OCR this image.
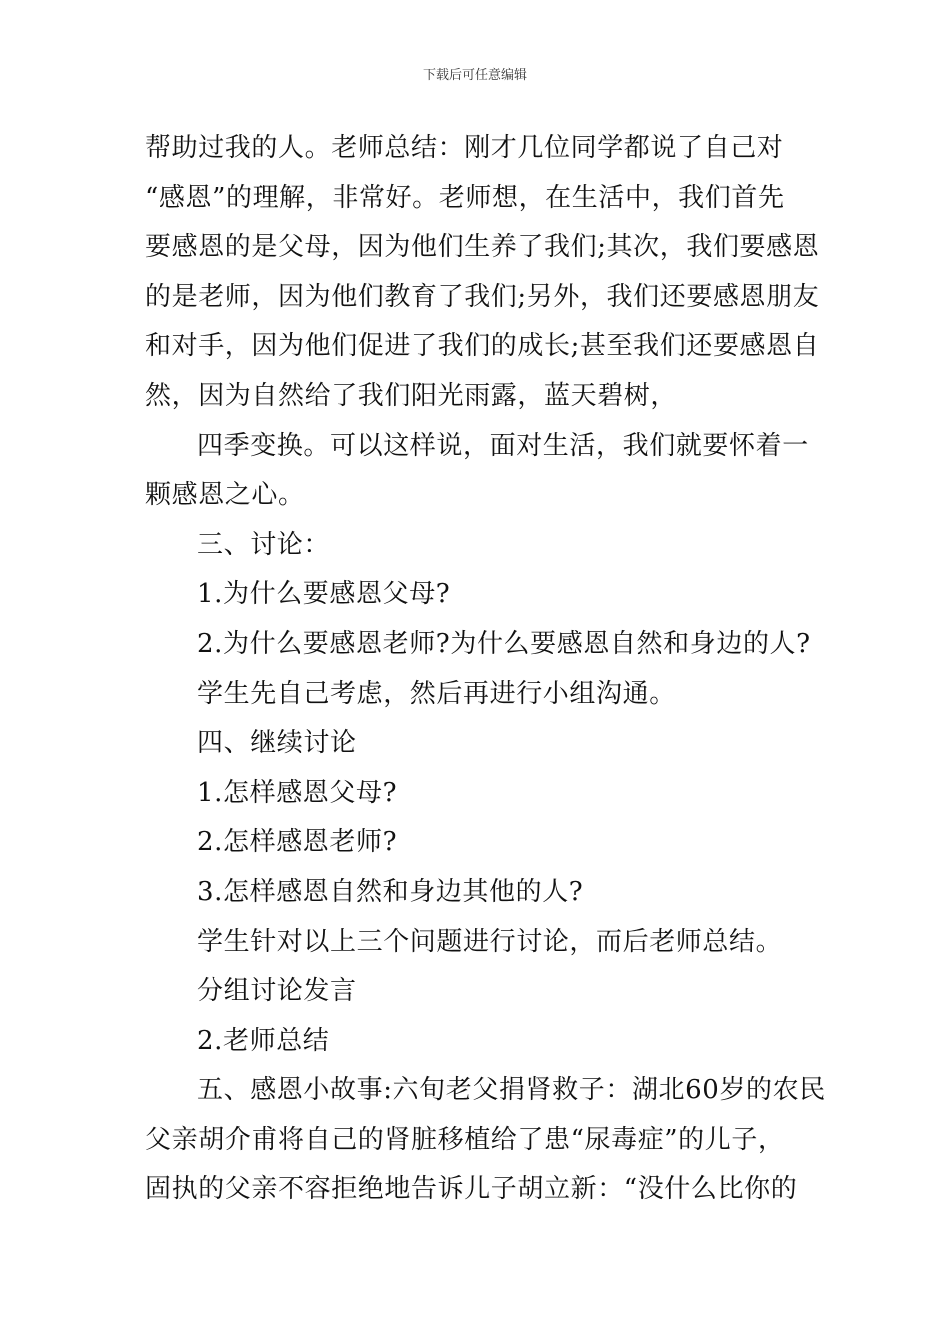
下载后可任意编辑
帮助过我的人。老师总结：刚才几位同学都说了自己对
“感恩”的理解，非常好。老师想，在生活中，我们首先
要感恩的是父母，因为他们生养了我们;其次，我们要感恩
的是老师，因为他们教育了我们;另外，我们还要感恩朋友
和对手，因为他们促进了我们的成长;甚至我们还要感恩自
然，因为自然给了我们阳光雨露，蓝天碧树，
四季变换。可以这样说，面对生活，我们就要怀着一
颗感恩之心。
三、讨论：
1.为什么要感恩父母?
2.为什么要感恩老师?为什么要感恩自然和身边的人?
学生先自己考虑，然后再进行小组沟通。
四、继续讨论
1.怎样感恩父母?
2.怎样感恩老师?
3.怎样感恩自然和身边其他的人?
学生针对以上三个问题进行讨论，而后老师总结。
分组讨论发言
2.老师总结
五、感恩小故事:六旬老父捐肾救子：湖北60岁的农民
父亲胡介甫将自己的肾脏移植给了患“尿毒症”的儿子，
固执的父亲不容拒绝地告诉儿子胡立新：“没什么比你的
